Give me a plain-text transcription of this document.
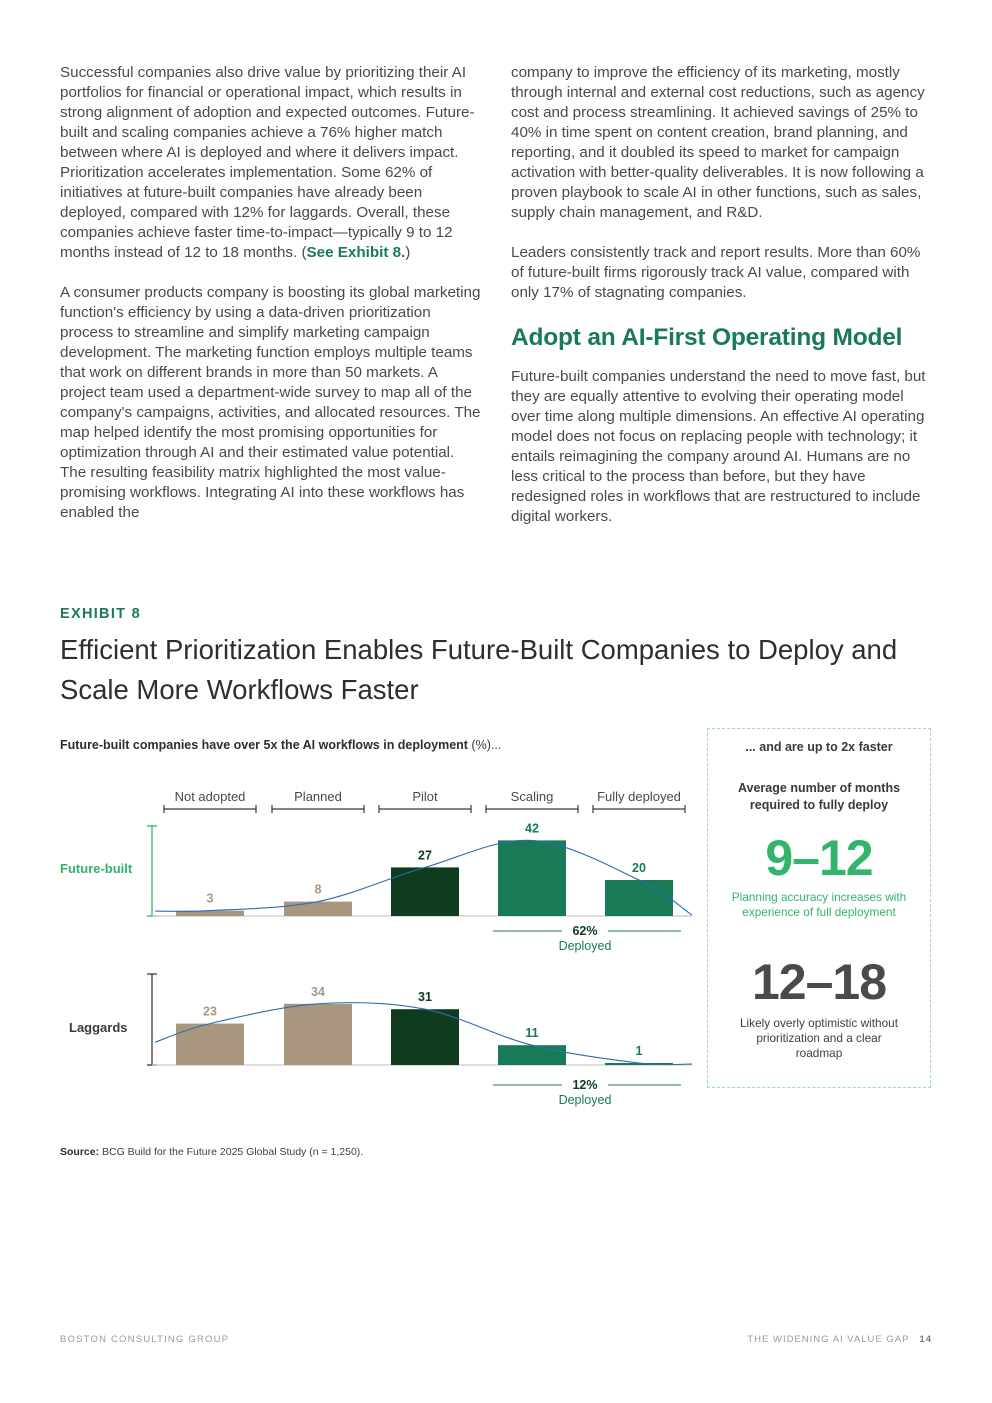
Successful companies also drive value by prioritizing their AI portfolios for financial or operational impact, which results in strong alignment of adoption and expected outcomes. Future-built and scaling companies achieve a 76% higher match between where AI is deployed and where it delivers impact. Prioritization accelerates implementation. Some 62% of initiatives at future-built companies have already been deployed, compared with 12% for laggards. Overall, these companies achieve faster time-to-impact—typically 9 to 12 months instead of 12 to 18 months. (See Exhibit 8.)

A consumer products company is boosting its global marketing function's efficiency by using a data-driven prioritization process to streamline and simplify marketing campaign development. The marketing function employs multiple teams that work on different brands in more than 50 markets. A project team used a department-wide survey to map all of the company's campaigns, activities, and allocated resources. The map helped identify the most promising opportunities for optimization through AI and their estimated value potential. The resulting feasibility matrix highlighted the most value-promising workflows. Integrating AI into these workflows has enabled the

company to improve the efficiency of its marketing, mostly through internal and external cost reductions, such as agency cost and process streamlining. It achieved savings of 25% to 40% in time spent on content creation, brand planning, and reporting, and it doubled its speed to market for campaign activation with better-quality deliverables. It is now following a proven playbook to scale AI in other functions, such as sales, supply chain management, and R&D.

Leaders consistently track and report results. More than 60% of future-built firms rigorously track AI value, compared with only 17% of stagnating companies.

Adopt an AI-First Operating Model

Future-built companies understand the need to move fast, but they are equally attentive to evolving their operating model over time along multiple dimensions. An effective AI operating model does not focus on replacing people with technology; it entails reimagining the company around AI. Humans are no less critical to the process than before, but they have redesigned roles in workflows that are restructured to include digital workers.

EXHIBIT 8
Efficient Prioritization Enables Future-Built Companies to Deploy and Scale More Workflows Faster
Future-built companies have over 5x the AI workflows in deployment (%)...
Not adopted	Planned	Pilot	Scaling	Fully deployed
Future-built
3
8
27
42
20
62%
Deployed
Laggards
23
34	31
11
1
12%
Deployed
... and are up to 2x faster
Average number of months required to fully deploy
9–12
Planning accuracy increases with experience of full deployment
12–18
Likely overly optimistic without prioritization and a clear roadmap
Source: BCG Build for the Future 2025 Global Study (n = 1,250).
BOSTON CONSULTING GROUP	THE WIDENING AI VALUE GAP 14
